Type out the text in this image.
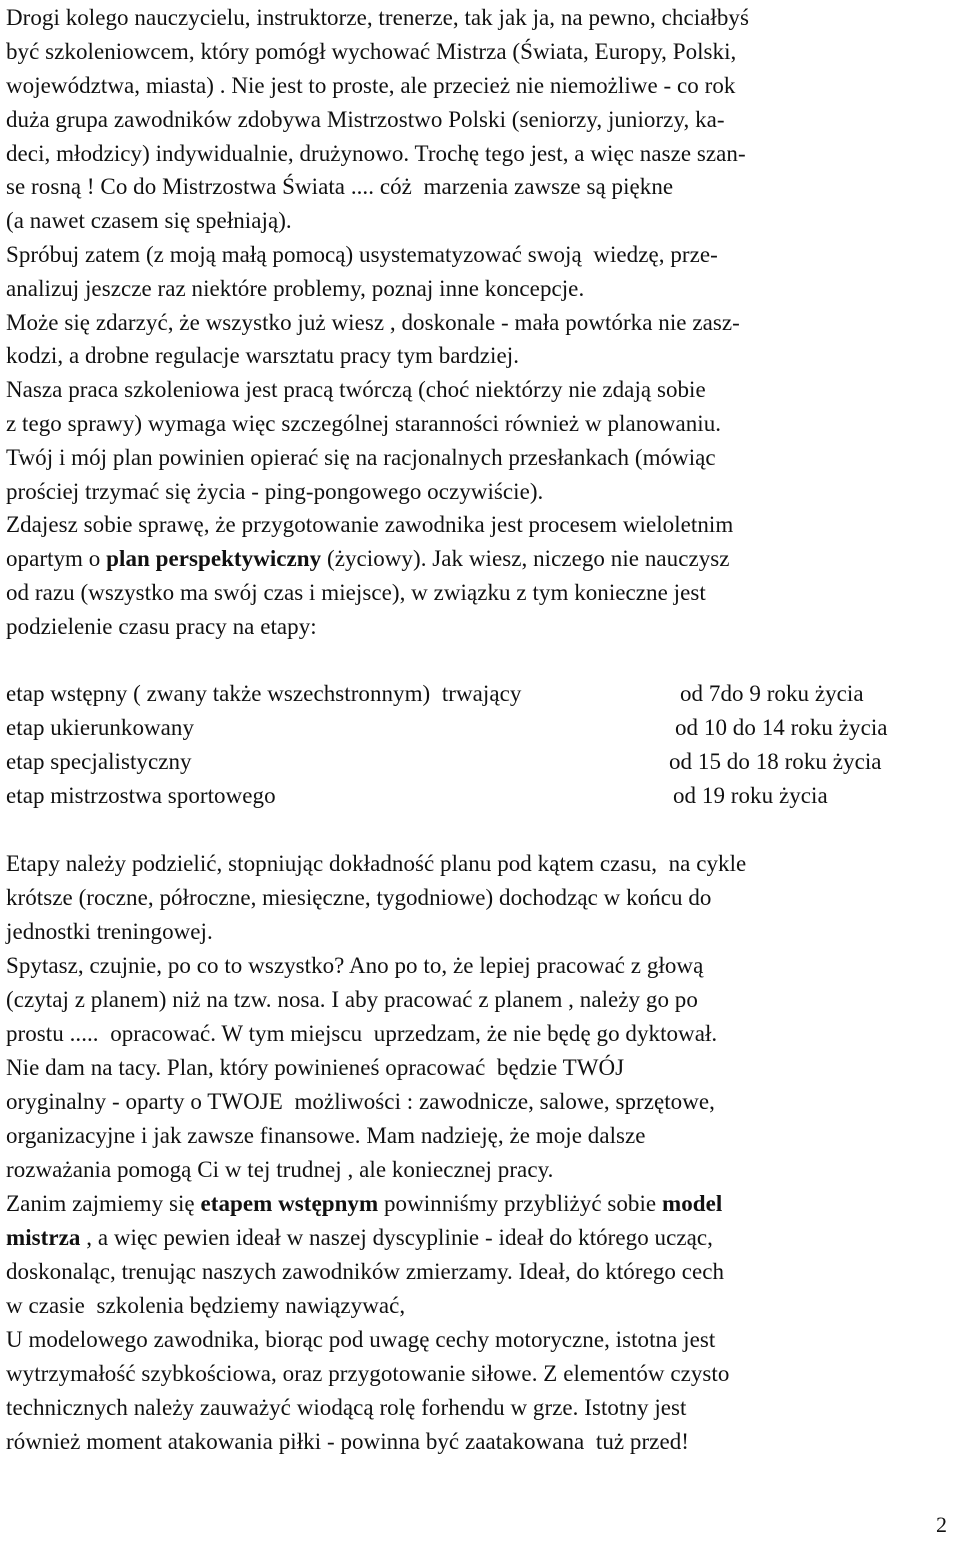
Drogi kolego nauczycielu, instruktorze, trenerze, tak jak ja, na pewno, chciałbyś
być szkoleniowcem, który pomógł wychować Mistrza (Świata, Europy, Polski,
województwa, miasta) . Nie jest to proste, ale przecież nie niemożliwe - co rok
duża grupa zawodników zdobywa Mistrzostwo Polski (seniorzy, juniorzy, ka-
deci, młodzicy) indywidualnie, drużynowo. Trochę tego jest, a więc nasze szan-
se rosną ! Co do Mistrzostwa Świata .... cóż  marzenia zawsze są piękne
(a nawet czasem się spełniają).
Spróbuj zatem (z moją małą pomocą) usystematyzować swoją  wiedzę, prze-
analizuj jeszcze raz niektóre problemy, poznaj inne koncepcje.
Może się zdarzyć, że wszystko już wiesz , doskonale - mała powtórka nie zasz-
kodzi, a drobne regulacje warsztatu pracy tym bardziej.
Nasza praca szkoleniowa jest pracą twórczą (choć niektórzy nie zdają sobie
z tego sprawy) wymaga więc szczególnej staranności również w planowaniu.
Twój i mój plan powinien opierać się na racjonalnych przesłankach (mówiąc
prościej trzymać się życia - ping-pongowego oczywiście).
Zdajesz sobie sprawę, że przygotowanie zawodnika jest procesem wieloletnim
opartym o plan perspektywiczny (życiowy). Jak wiesz, niczego nie nauczysz
od razu (wszystko ma swój czas i miejsce), w związku z tym konieczne jest
podzielenie czasu pracy na etapy:
etap wstępny ( zwany także wszechstronnym)  trwający	od 7do 9 roku życia
etap ukierunkowany	od 10 do 14 roku życia
etap specjalistyczny	od 15 do 18 roku życia
etap mistrzostwa sportowego	od 19 roku życia
Etapy należy podzielić, stopniując dokładność planu pod kątem czasu,  na cykle
krótsze (roczne, półroczne, miesięczne, tygodniowe) dochodząc w końcu do
jednostki treningowej.
Spytasz, czujnie, po co to wszystko? Ano po to, że lepiej pracować z głową
(czytaj z planem) niż na tzw. nosa. I aby pracować z planem , należy go po
prostu .....  opracować. W tym miejscu  uprzedzam, że nie będę go dyktował.
Nie dam na tacy. Plan, który powinieneś opracować  będzie TWÓJ
oryginalny - oparty o TWOJE  możliwości : zawodnicze, salowe, sprzętowe,
organizacyjne i jak zawsze finansowe. Mam nadzieję, że moje dalsze
rozważania pomogą Ci w tej trudnej , ale koniecznej pracy.
Zanim zajmiemy się etapem wstępnym powinniśmy przybliżyć sobie model
mistrza , a więc pewien ideał w naszej dyscyplinie - ideał do którego ucząc,
doskonaląc, trenując naszych zawodników zmierzamy. Ideał, do którego cech
w czasie  szkolenia będziemy nawiązywać,
U modelowego zawodnika, biorąc pod uwagę cechy motoryczne, istotna jest
wytrzymałość szybkościowa, oraz przygotowanie siłowe. Z elementów czysto
technicznych należy zauważyć wiodącą rolę forhendu w grze. Istotny jest
również moment atakowania piłki - powinna być zaatakowana  tuż przed!
2
